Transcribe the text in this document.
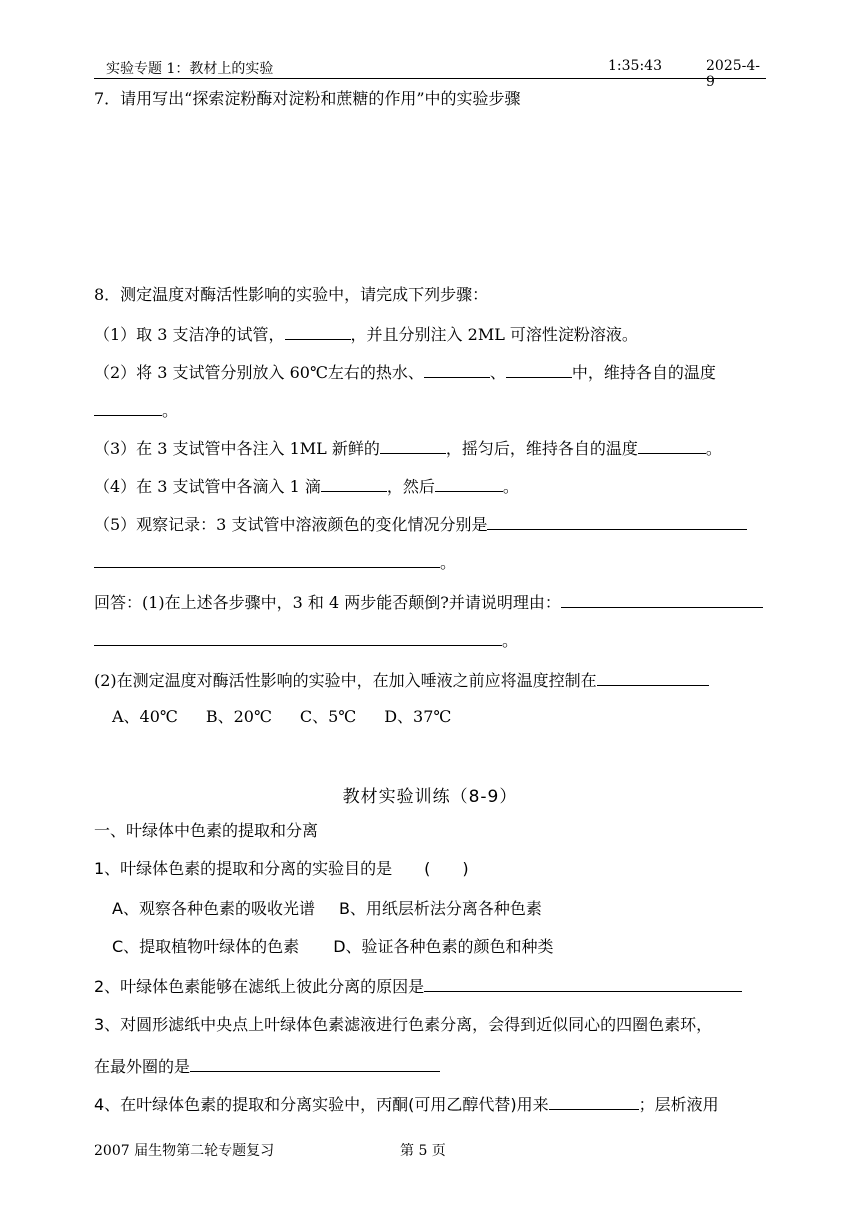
实验专题 1：教材上的实验	1:35:43	2025-4-9
7．请用写出“探索淀粉酶对淀粉和蔗糖的作用”中的实验步骤
8．测定温度对酶活性影响的实验中，请完成下列步骤：
（1）取 3 支洁净的试管，	，并且分别注入 2ML 可溶性淀粉溶液。
（2）将 3 支试管分别放入 60℃左右的热水、	、	中，维持各自的温度
。
（3）在 3 支试管中各注入 1ML 新鲜的	，摇匀后，维持各自的温度	。
（4）在 3 支试管中各滴入 1 滴	，然后	。
（5）观察记录：3 支试管中溶液颜色的变化情况分别是
。
回答：(1)在上述各步骤中，3 和 4 两步能否颠倒?并请说明理由：
。
(2)在测定温度对酶活性影响的实验中，在加入唾液之前应将温度控制在
A、40℃ B、20℃ C、5℃ D、37℃
教材实验训练（8-9）
一、叶绿体中色素的提取和分离
1、叶绿体色素的提取和分离的实验目的是　　(　　)
A、观察各种色素的吸收光谱 B、用纸层析法分离各种色素
C、提取植物叶绿体的色素 D、验证各种色素的颜色和种类
2、叶绿体色素能够在滤纸上彼此分离的原因是
3、对圆形滤纸中央点上叶绿体色素滤液进行色素分离，会得到近似同心的四圈色素环，
在最外圈的是
4、在叶绿体色素的提取和分离实验中，丙酮(可用乙醇代替)用来	；层析液用
2007 届生物第二轮专题复习	第 5 页
